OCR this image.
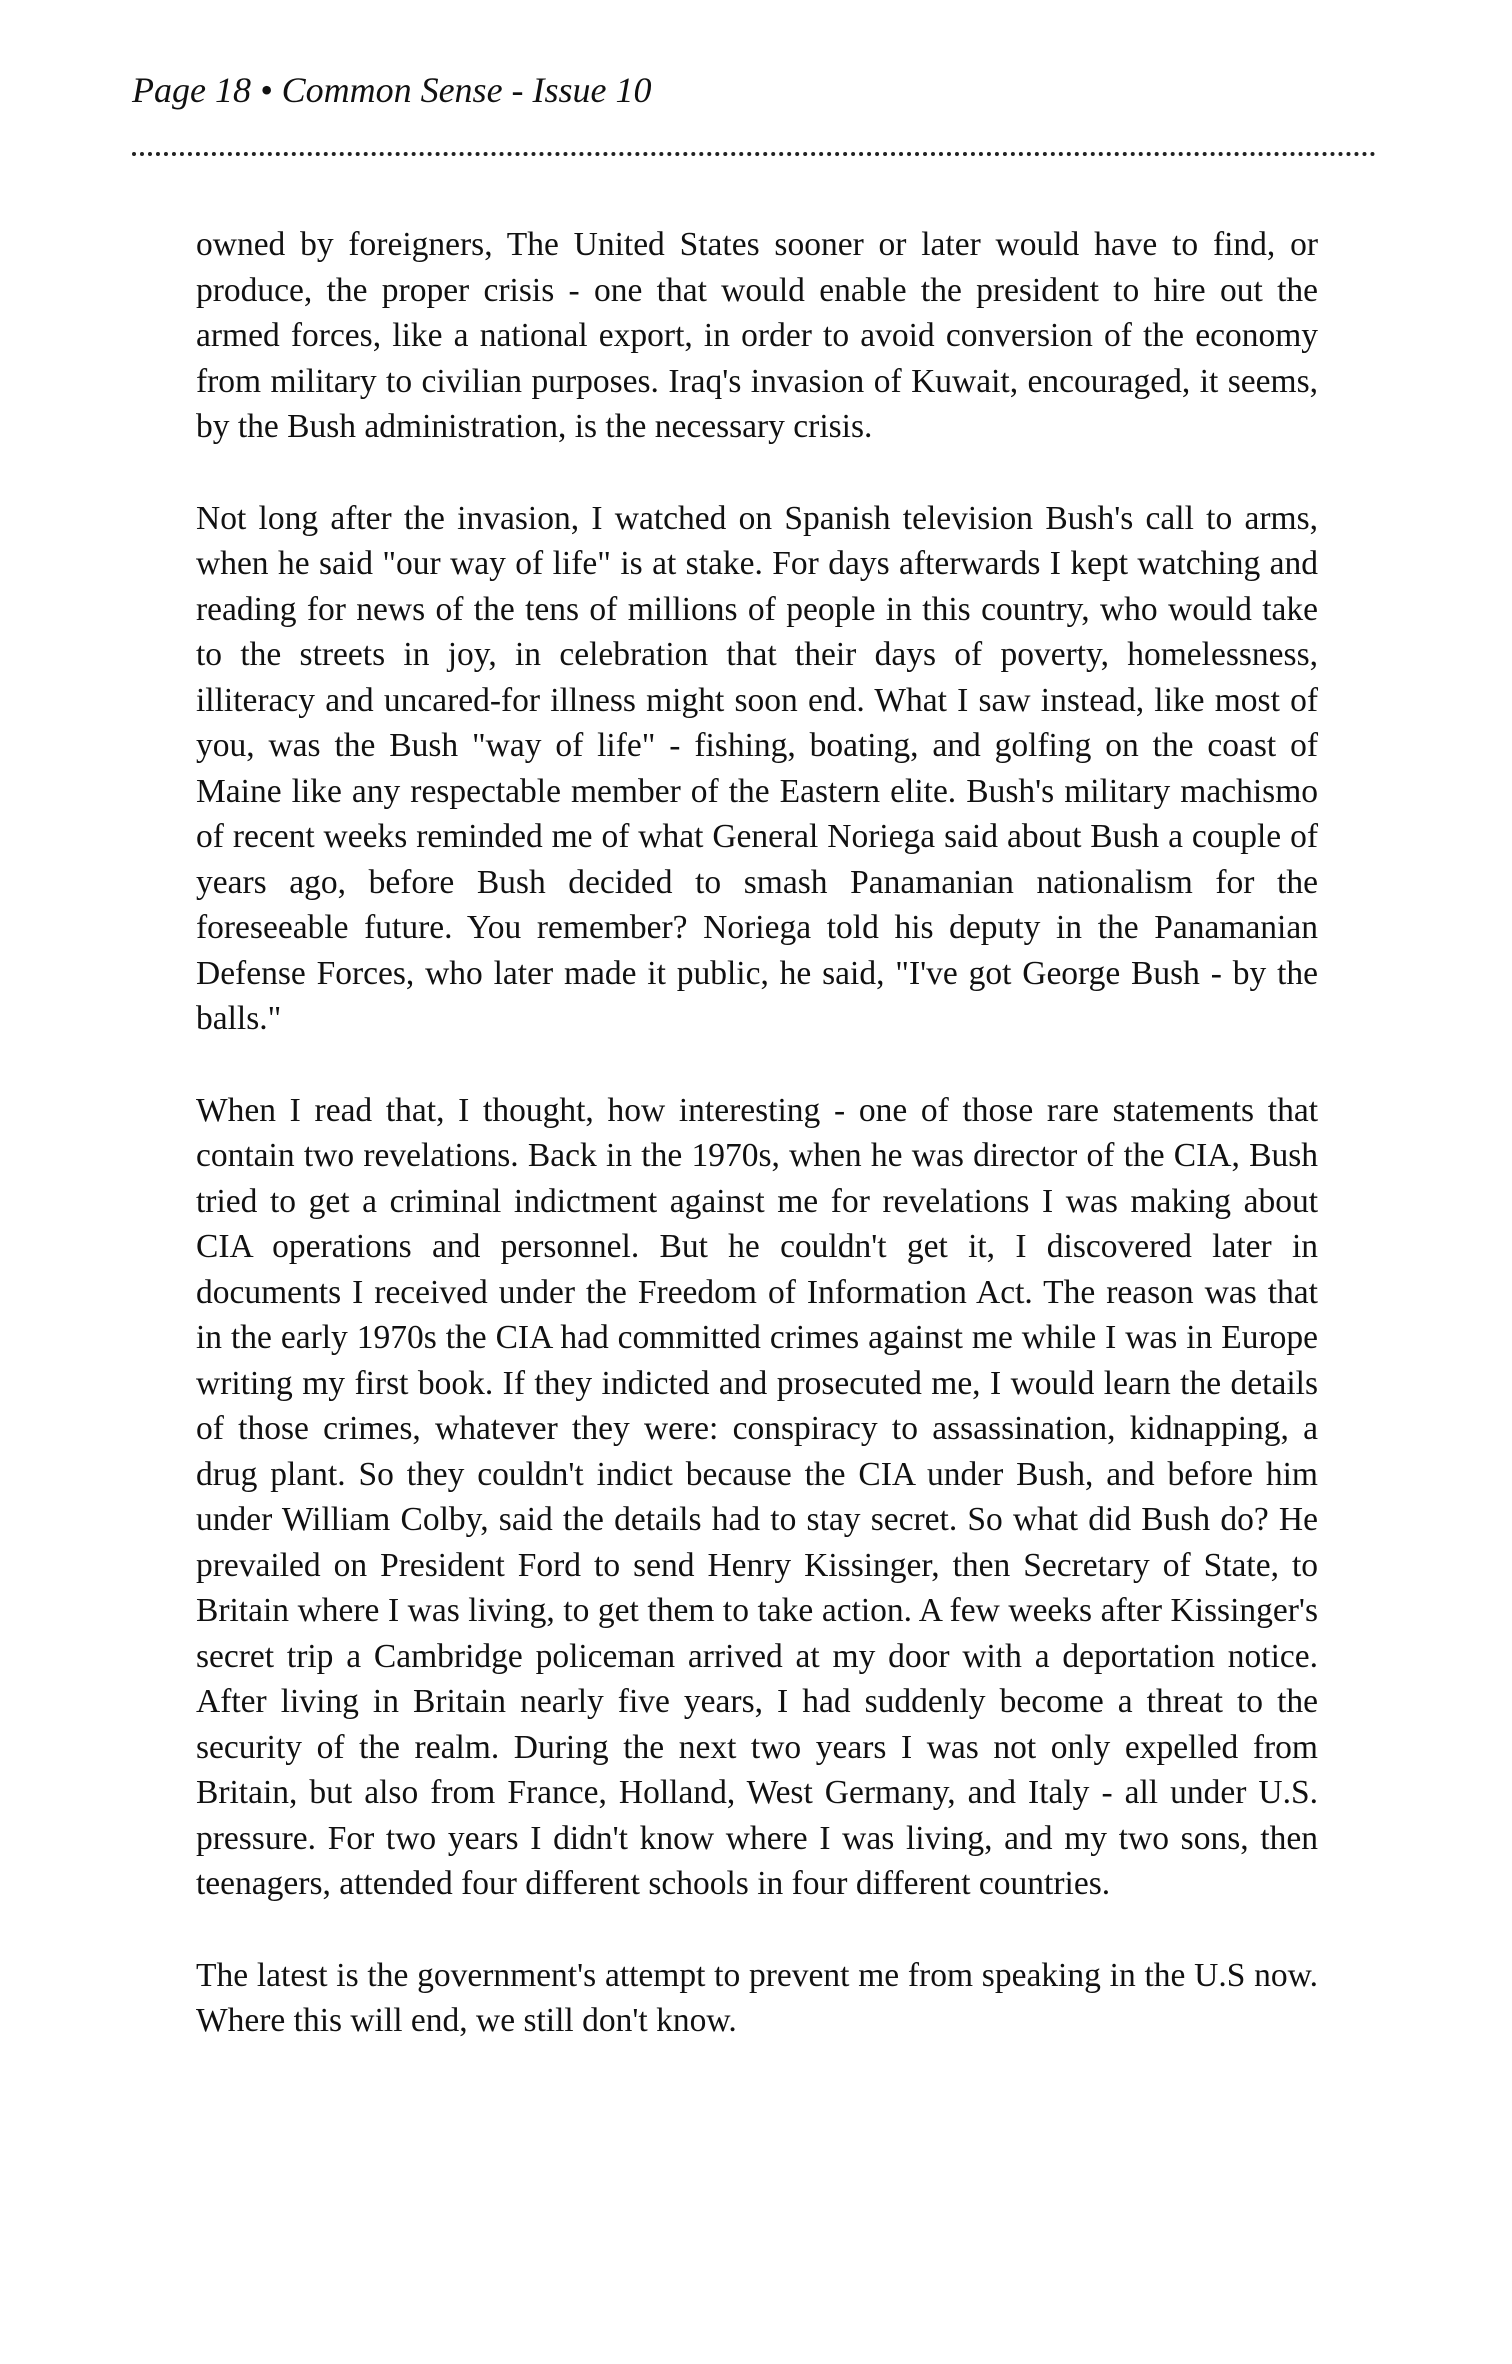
Page 18 • Common Sense - Issue 10

owned by foreigners, The United States sooner or later would have to find, or produce, the proper crisis - one that would enable the president to hire out the armed forces, like a national export, in order to avoid conversion of the economy from military to civilian purposes. Iraq's invasion of Kuwait, encouraged, it seems, by the Bush administration, is the necessary crisis.

Not long after the invasion, I watched on Spanish television Bush's call to arms, when he said "our way of life" is at stake. For days afterwards I kept watching and reading for news of the tens of millions of people in this country, who would take to the streets in joy, in celebration that their days of poverty, homelessness, illiteracy and uncared-for illness might soon end. What I saw instead, like most of you, was the Bush "way of life" - fishing, boating, and golfing on the coast of Maine like any respectable member of the Eastern elite. Bush's military machismo of recent weeks reminded me of what General Noriega said about Bush a couple of years ago, before Bush decided to smash Panamanian nationalism for the foreseeable future. You remember? Noriega told his deputy in the Panamanian Defense Forces, who later made it public, he said, "I've got George Bush - by the balls."

When I read that, I thought, how interesting - one of those rare statements that contain two revelations. Back in the 1970s, when he was director of the CIA, Bush tried to get a criminal indictment against me for revelations I was making about CIA operations and personnel. But he couldn't get it, I discovered later in documents I received under the Freedom of Information Act. The reason was that in the early 1970s the CIA had committed crimes against me while I was in Europe writing my first book. If they indicted and prosecuted me, I would learn the details of those crimes, whatever they were: conspiracy to assassination, kidnapping, a drug plant. So they couldn't indict because the CIA under Bush, and before him under William Colby, said the details had to stay secret. So what did Bush do? He prevailed on President Ford to send Henry Kissinger, then Secretary of State, to Britain where I was living, to get them to take action. A few weeks after Kissinger's secret trip a Cambridge policeman arrived at my door with a deportation notice. After living in Britain nearly five years, I had suddenly become a threat to the security of the realm. During the next two years I was not only expelled from Britain, but also from France, Holland, West Germany, and Italy - all under U.S. pressure. For two years I didn't know where I was living, and my two sons, then teenagers, attended four different schools in four different countries.

The latest is the government's attempt to prevent me from speaking in the U.S now. Where this will end, we still don't know.
